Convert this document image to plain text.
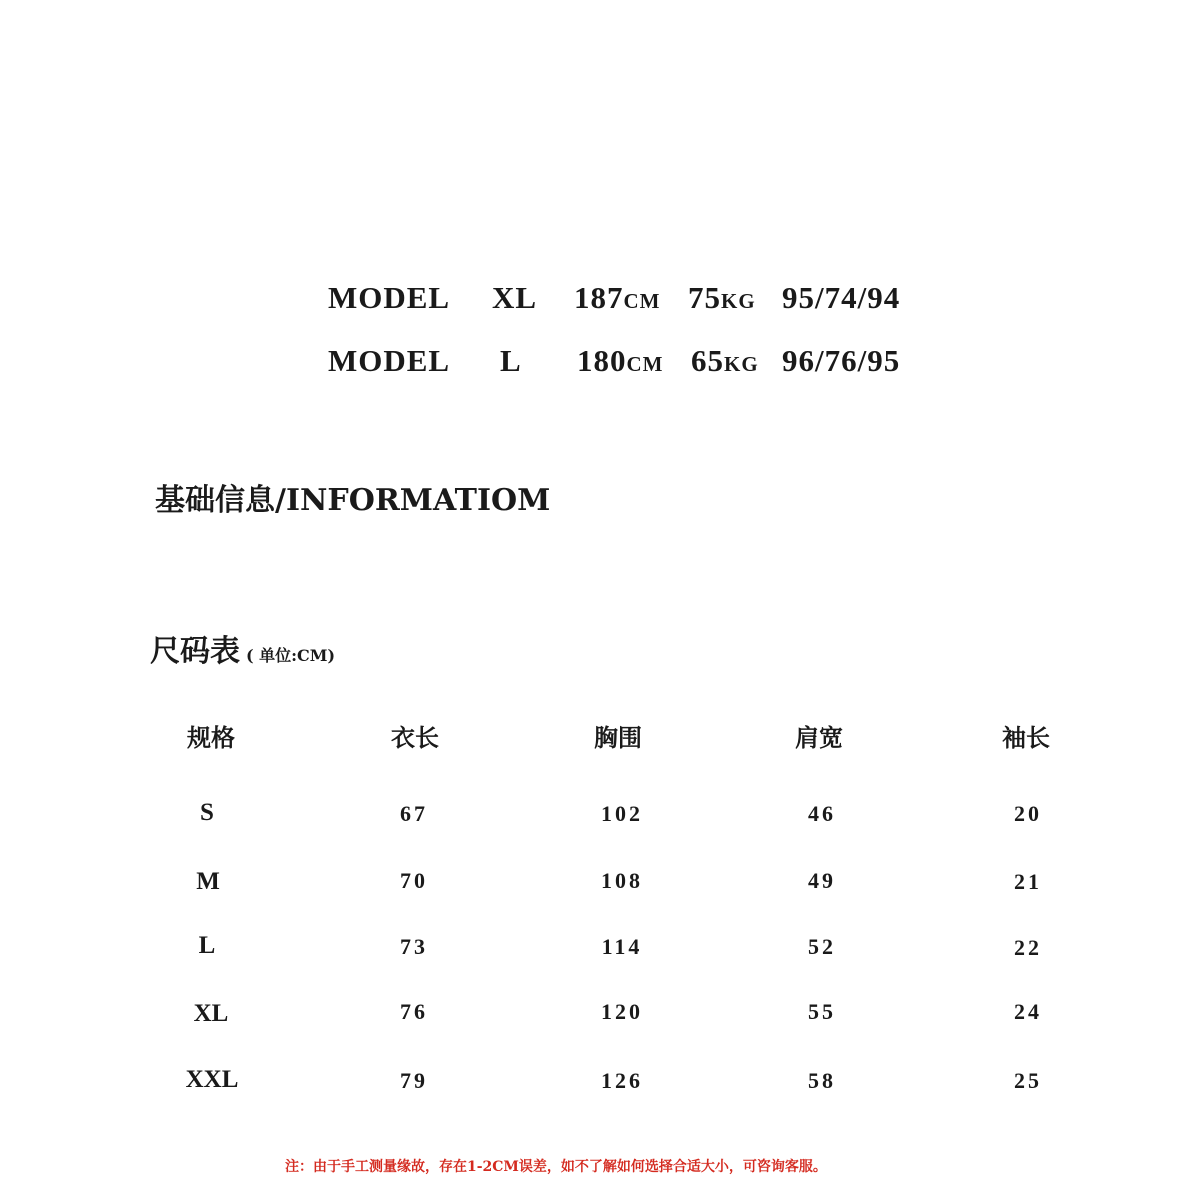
MODEL XL 187CM 75KG 95/74/94
MODEL L 180CM 65KG 96/76/95
基础信息/INFORMATIOM
尺码表 ( 单位:CM)
规格	衣长	胸围	肩宽	袖长
S	67	102	46	20
M	70	108	49	21
L	73	114	52	22
XL	76	120	55	24
XXL	79	126	58	25
注：由于手工测量缘故，存在1-2CM误差，如不了解如何选择合适大小，可咨询客服。
